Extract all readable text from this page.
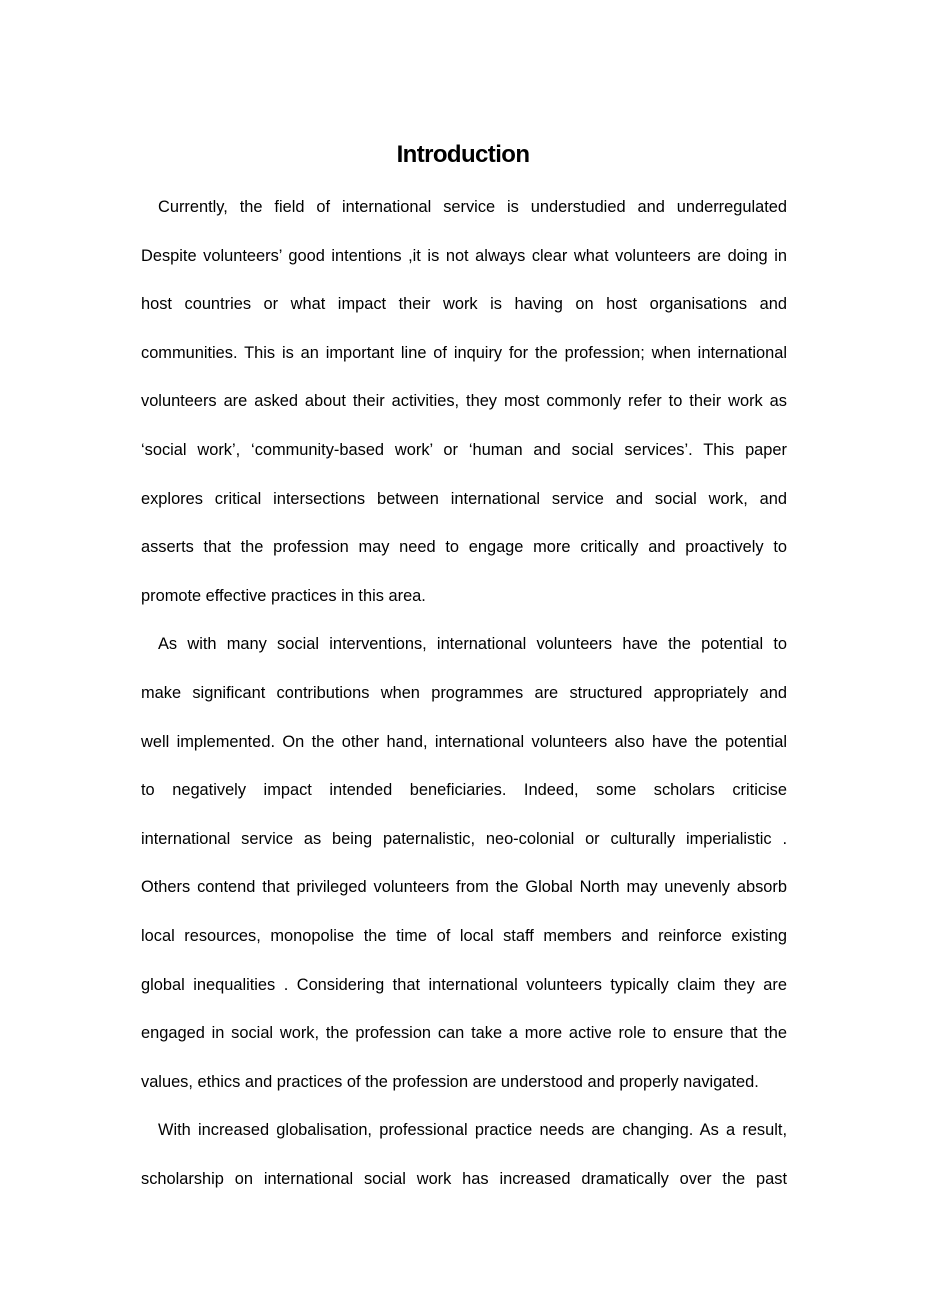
Introduction
Currently, the field of international service is understudied and underregulated
Despite volunteers’ good intentions ,it is not always clear what volunteers are doing in
host countries or what impact their work is having on host organisations and
communities. This is an important line of inquiry for the profession; when international
volunteers are asked about their activities, they most commonly refer to their work as
‘social work’, ‘community-based work’ or ‘human and social services’. This paper
explores critical intersections between international service and social work, and
asserts that the profession may need to engage more critically and proactively to
promote effective practices in this area.
As with many social interventions, international volunteers have the potential to
make significant contributions when programmes are structured appropriately and
well implemented. On the other hand, international volunteers also have the potential
to negatively impact intended beneficiaries. Indeed, some scholars criticise
international service as being paternalistic, neo-colonial or culturally imperialistic .
Others contend that privileged volunteers from the Global North may unevenly absorb
local resources, monopolise the time of local staff members and reinforce existing
global inequalities . Considering that international volunteers typically claim they are
engaged in social work, the profession can take a more active role to ensure that the
values, ethics and practices of the profession are understood and properly navigated.
With increased globalisation, professional practice needs are changing. As a result,
scholarship on international social work has increased dramatically over the past
